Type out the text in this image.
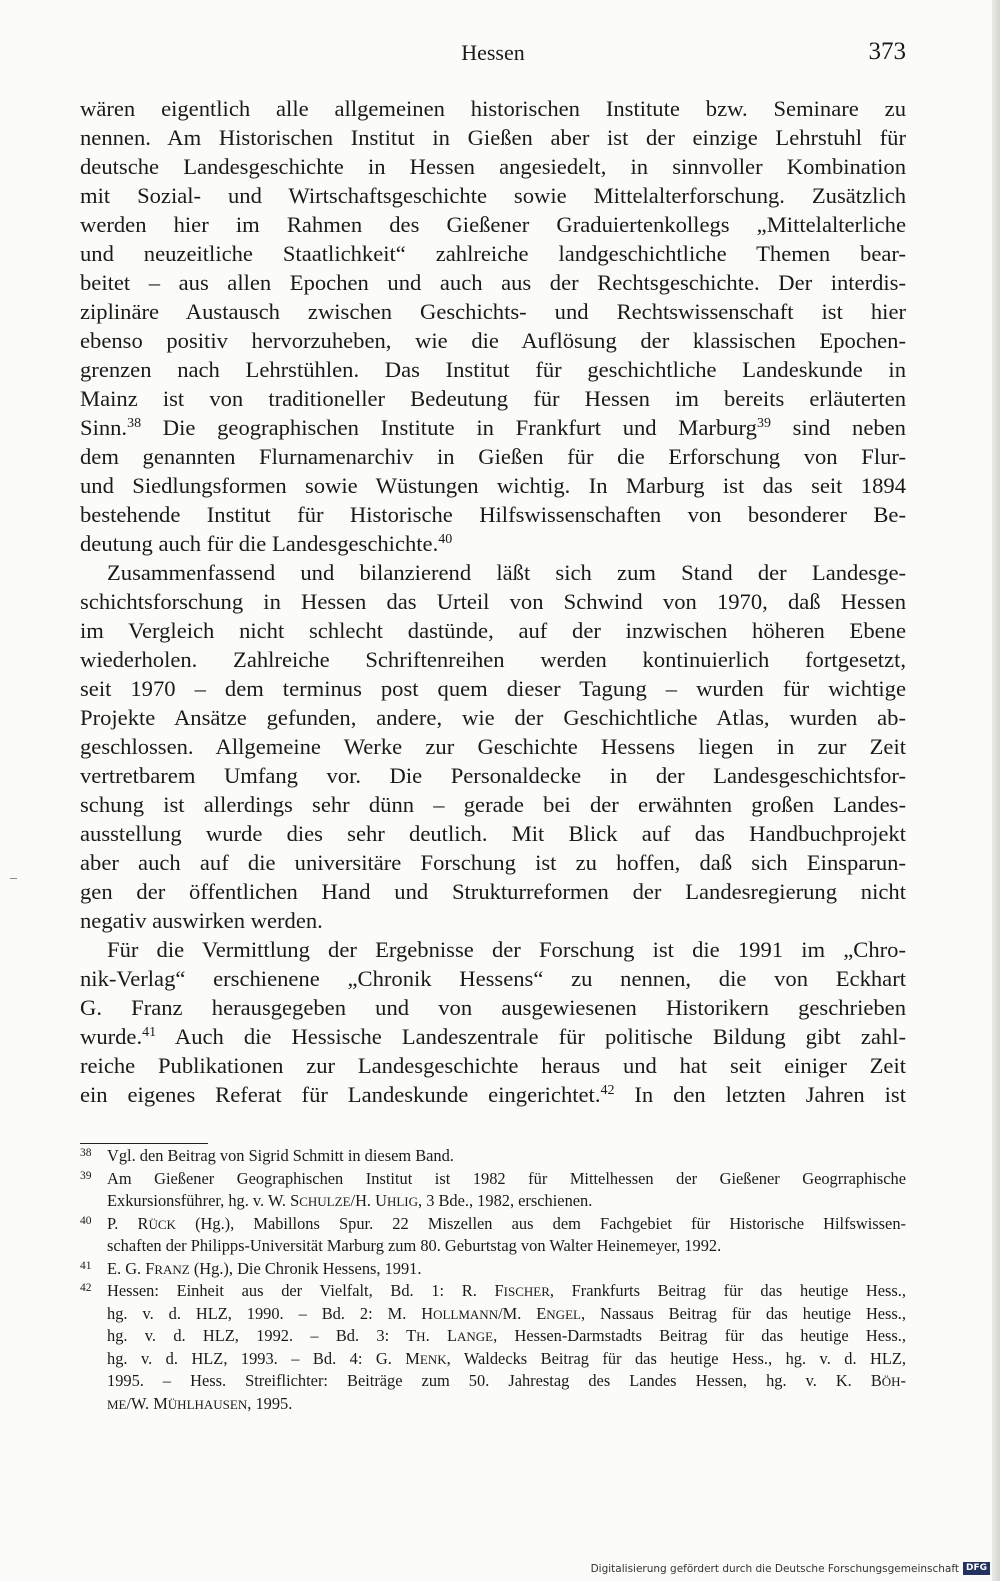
Hessen	373
wären eigentlich alle allgemeinen historischen Institute bzw. Seminare zu
nennen. Am Historischen Institut in Gießen aber ist der einzige Lehrstuhl für
deutsche Landesgeschichte in Hessen angesiedelt, in sinnvoller Kombination
mit Sozial- und Wirtschaftsgeschichte sowie Mittelalterforschung. Zusätzlich
werden hier im Rahmen des Gießener Graduiertenkollegs „Mittelalterliche
und neuzeitliche Staatlichkeit“ zahlreiche landgeschichtliche Themen bear-
beitet – aus allen Epochen und auch aus der Rechtsgeschichte. Der interdis-
ziplinäre Austausch zwischen Geschichts- und Rechtswissenschaft ist hier
ebenso positiv hervorzuheben, wie die Auflösung der klassischen Epochen-
grenzen nach Lehrstühlen. Das Institut für geschichtliche Landeskunde in
Mainz ist von traditioneller Bedeutung für Hessen im bereits erläuterten
Sinn.$^{38}$ Die geographischen Institute in Frankfurt und Marburg$^{39}$ sind neben
dem genannten Flurnamenarchiv in Gießen für die Erforschung von Flur-
und Siedlungsformen sowie Wüstungen wichtig. In Marburg ist das seit 1894
bestehende Institut für Historische Hilfswissenschaften von besonderer Be-
deutung auch für die Landesgeschichte.$^{40}$
Zusammenfassend und bilanzierend läßt sich zum Stand der Landesge-
schichtsforschung in Hessen das Urteil von Schwind von 1970, daß Hessen
im Vergleich nicht schlecht dastünde, auf der inzwischen höheren Ebene
wiederholen. Zahlreiche Schriftenreihen werden kontinuierlich fortgesetzt,
seit 1970 – dem terminus post quem dieser Tagung – wurden für wichtige
Projekte Ansätze gefunden, andere, wie der Geschichtliche Atlas, wurden ab-
geschlossen. Allgemeine Werke zur Geschichte Hessens liegen in zur Zeit
vertretbarem Umfang vor. Die Personaldecke in der Landesgeschichtsfor-
schung ist allerdings sehr dünn – gerade bei der erwähnten großen Landes-
ausstellung wurde dies sehr deutlich. Mit Blick auf das Handbuchprojekt
aber auch auf die universitäre Forschung ist zu hoffen, daß sich Einsparun-
gen der öffentlichen Hand und Strukturreformen der Landesregierung nicht
negativ auswirken werden.
Für die Vermittlung der Ergebnisse der Forschung ist die 1991 im „Chro-
nik-Verlag“ erschienene „Chronik Hessens“ zu nennen, die von Eckhart
G. Franz herausgegeben und von ausgewiesenen Historikern geschrieben
wurde.$^{41}$ Auch die Hessische Landeszentrale für politische Bildung gibt zahl-
reiche Publikationen zur Landesgeschichte heraus und hat seit einiger Zeit
ein eigenes Referat für Landeskunde eingerichtet.$^{42}$ In den letzten Jahren ist
38 Vgl. den Beitrag von Sigrid Schmitt in diesem Band.
39 Am Gießener Geographischen Institut ist 1982 für Mittelhessen der Gießener Geogrraphische
Exkursionsführer, hg. v. W. SCHULZE/H. UHLIG, 3 Bde., 1982, erschienen.
40 P. RÜCK (Hg.), Mabillons Spur. 22 Miszellen aus dem Fachgebiet für Historische Hilfswissen-
schaften der Philipps-Universität Marburg zum 80. Geburtstag von Walter Heinemeyer, 1992.
41 E. G. FRANZ (Hg.), Die Chronik Hessens, 1991.
42 Hessen: Einheit aus der Vielfalt, Bd. 1: R. FISCHER, Frankfurts Beitrag für das heutige Hess.,
hg. v. d. HLZ, 1990. – Bd. 2: M. HOLLMANN/M. ENGEL, Nassaus Beitrag für das heutige Hess.,
hg. v. d. HLZ, 1992. – Bd. 3: TH. LANGE, Hessen-Darmstadts Beitrag für das heutige Hess.,
hg. v. d. HLZ, 1993. – Bd. 4: G. MENK, Waldecks Beitrag für das heutige Hess., hg. v. d. HLZ,
1995. – Hess. Streiflichter: Beiträge zum 50. Jahrestag des Landes Hessen, hg. v. K. BÖH-
ME/W. MÜHLHAUSEN, 1995.
Digitalisierung gefördert durch die Deutsche Forschungsgemeinschaft DFG
